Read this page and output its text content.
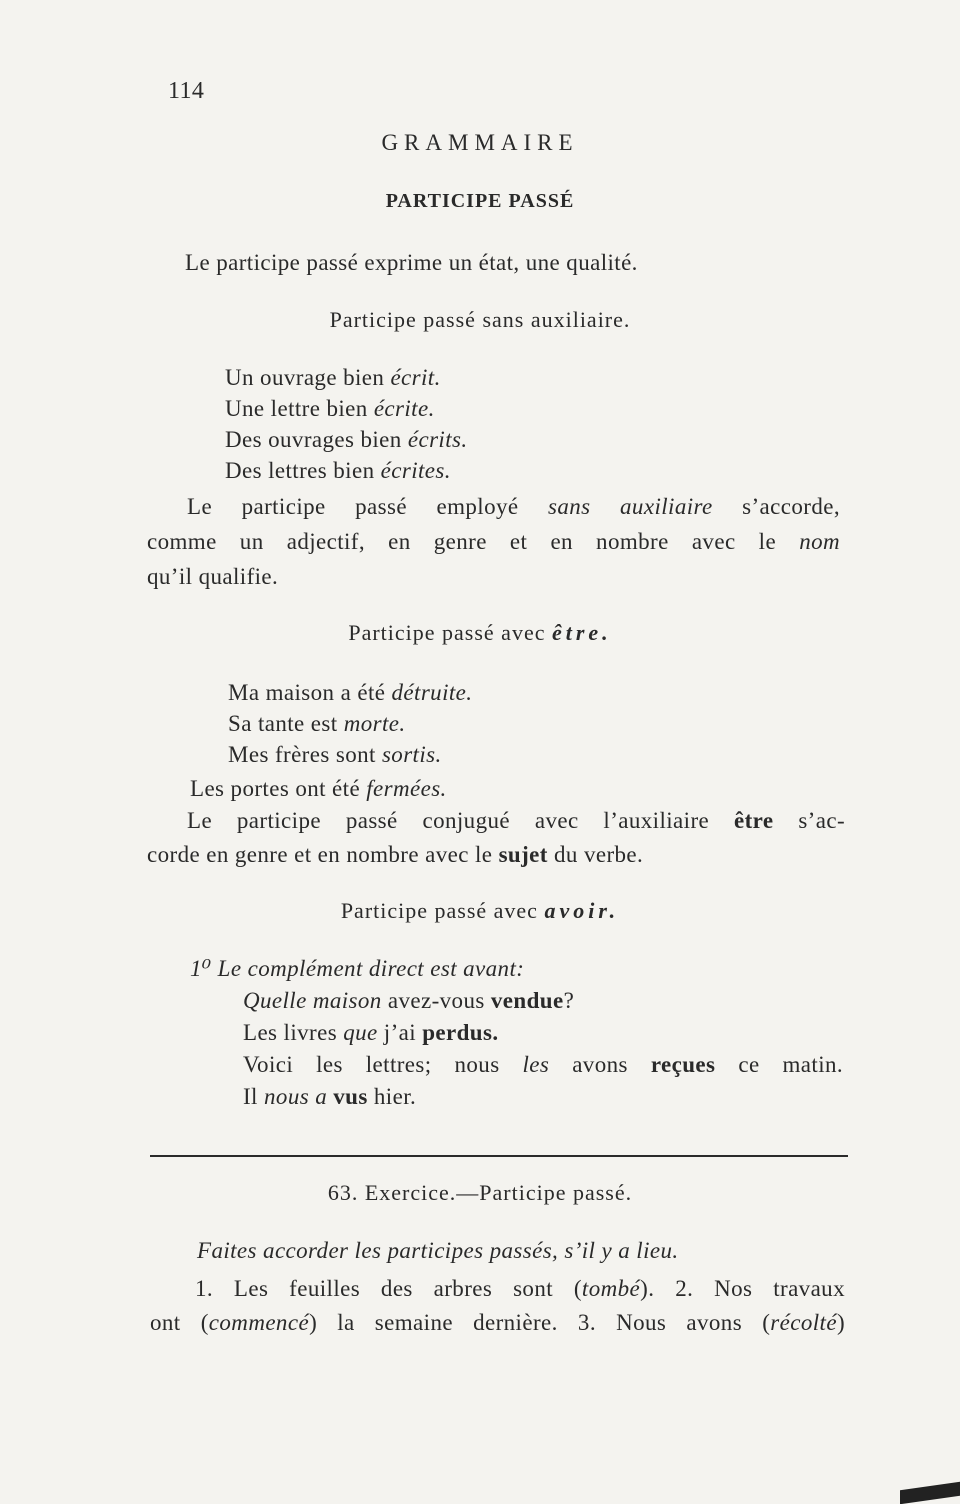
114
GRAMMAIRE
PARTICIPE PASSÉ
Le participe passé exprime un état, une qualité.
Participe passé sans auxiliaire.
Un ouvrage bien écrit.
Une lettre bien écrite.
Des ouvrages bien écrits.
Des lettres bien écrites.
Le participe passé employé sans auxiliaire s’accorde,
comme un adjectif, en genre et en nombre avec le nom
qu’il qualifie.
Participe passé avec être.
Ma maison a été détruite.
Sa tante est morte.
Mes frères sont sortis.
Les portes ont été fermées.
Le participe passé conjugué avec l’auxiliaire être s’ac-
corde en genre et en nombre avec le sujet du verbe.
Participe passé avec avoir.
1⁰ Le complément direct est avant:
Quelle maison avez-vous vendue?
Les livres que j’ai perdus.
Voici les lettres; nous les avons reçues ce matin.
Il nous a vus hier.
63. Exercice.—Participe passé.
Faites accorder les participes passés, s’il y a lieu.
1. Les feuilles des arbres sont (tombé). 2. Nos travaux
ont (commencé) la semaine dernière. 3. Nous avons (récolté)
